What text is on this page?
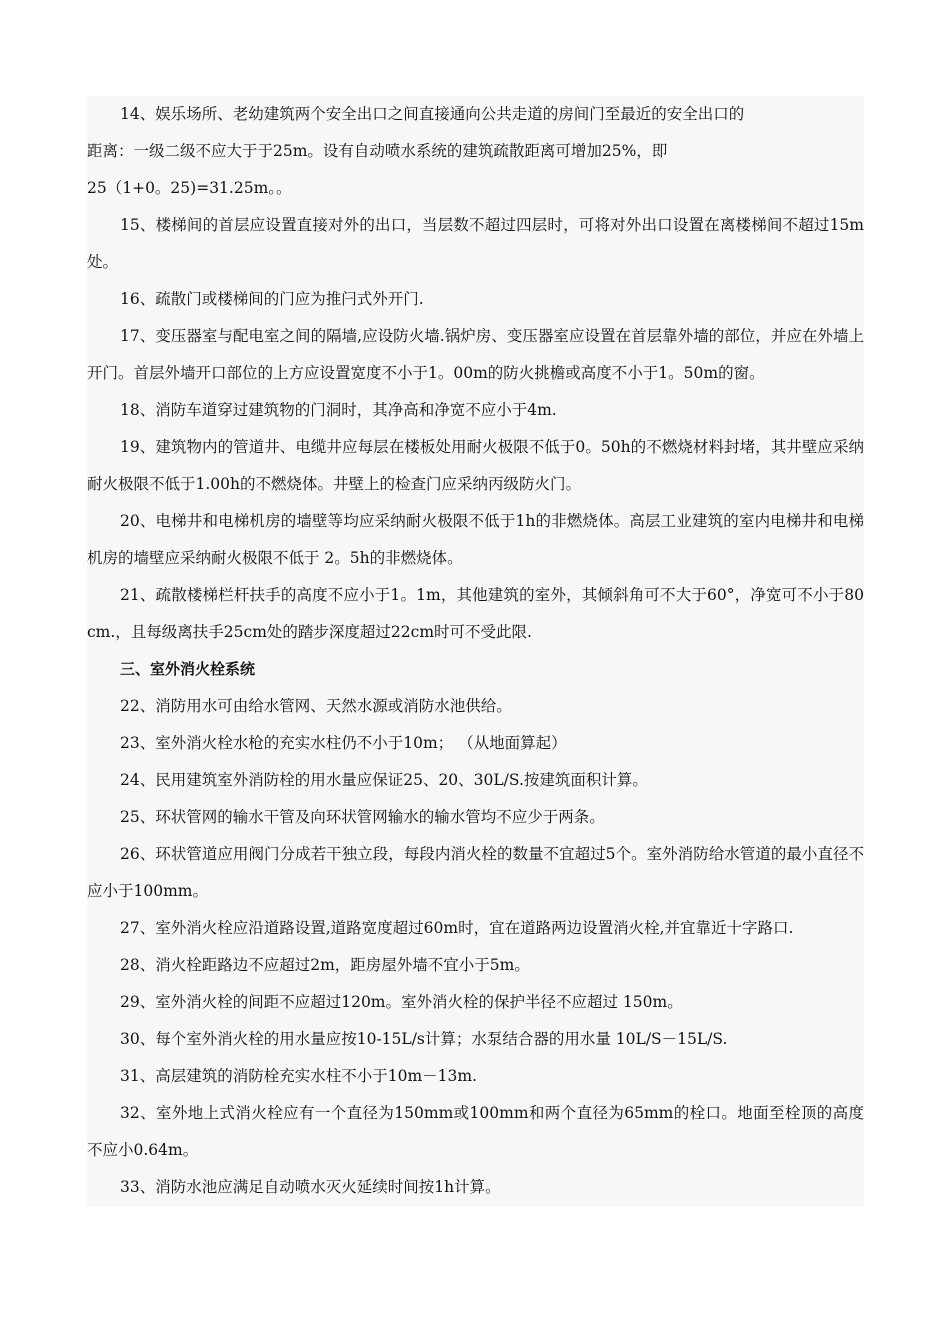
14、娱乐场所、老幼建筑两个安全出口之间直接通向公共走道的房间门至最近的安全出口的

距离：一级二级不应大于于25m。设有自动喷水系统的建筑疏散距离可增加25%，即

25（1+0。25)=31.25m。。

15、楼梯间的首层应设置直接对外的出口，当层数不超过四层时，可将对外出口设置在离楼梯间不超过15m处。

16、疏散门或楼梯间的门应为推闩式外开门.

17、变压器室与配电室之间的隔墙,应设防火墙.锅炉房、变压器室应设置在首层靠外墙的部位，并应在外墙上开门。首层外墙开口部位的上方应设置宽度不小于1。00m的防火挑檐或高度不小于1。50m的窗。

18、消防车道穿过建筑物的门洞时，其净高和净宽不应小于4m.

19、建筑物内的管道井、电缆井应每层在楼板处用耐火极限不低于0。50h的不燃烧材料封堵，其井壁应采纳耐火极限不低于1.00h的不燃烧体。井壁上的检查门应采纳丙级防火门。

20、电梯井和电梯机房的墙壁等均应采纳耐火极限不低于1h的非燃烧体。高层工业建筑的室内电梯井和电梯机房的墙壁应采纳耐火极限不低于 2。5h的非燃烧体。

21、疏散楼梯栏杆扶手的高度不应小于1。1m，其他建筑的室外，其倾斜角可不大于60°，净宽可不小于80cm.，且每级离扶手25cm处的踏步深度超过22cm时可不受此限.

三、室外消火栓系统

22、消防用水可由给水管网、天然水源或消防水池供给。

23、室外消火栓水枪的充实水柱仍不小于10m； （从地面算起）

24、民用建筑室外消防栓的用水量应保证25、20、30L/S.按建筑面积计算。

25、环状管网的输水干管及向环状管网输水的输水管均不应少于两条。

26、环状管道应用阀门分成若干独立段，每段内消火栓的数量不宜超过5个。室外消防给水管道的最小直径不应小于100mm。

27、室外消火栓应沿道路设置,道路宽度超过60m时，宜在道路两边设置消火栓,并宜靠近十字路口.

28、消火栓距路边不应超过2m，距房屋外墙不宜小于5m。

29、室外消火栓的间距不应超过120m。室外消火栓的保护半径不应超过 150m。

30、每个室外消火栓的用水量应按10-15L/s计算；水泵结合器的用水量 10L/S－15L/S.

31、高层建筑的消防栓充实水柱不小于10m－13m.

32、室外地上式消火栓应有一个直径为150mm或100mm和两个直径为65mm的栓口。地面至栓顶的高度不应小0.64m。

33、消防水池应满足自动喷水灭火延续时间按1h计算。
